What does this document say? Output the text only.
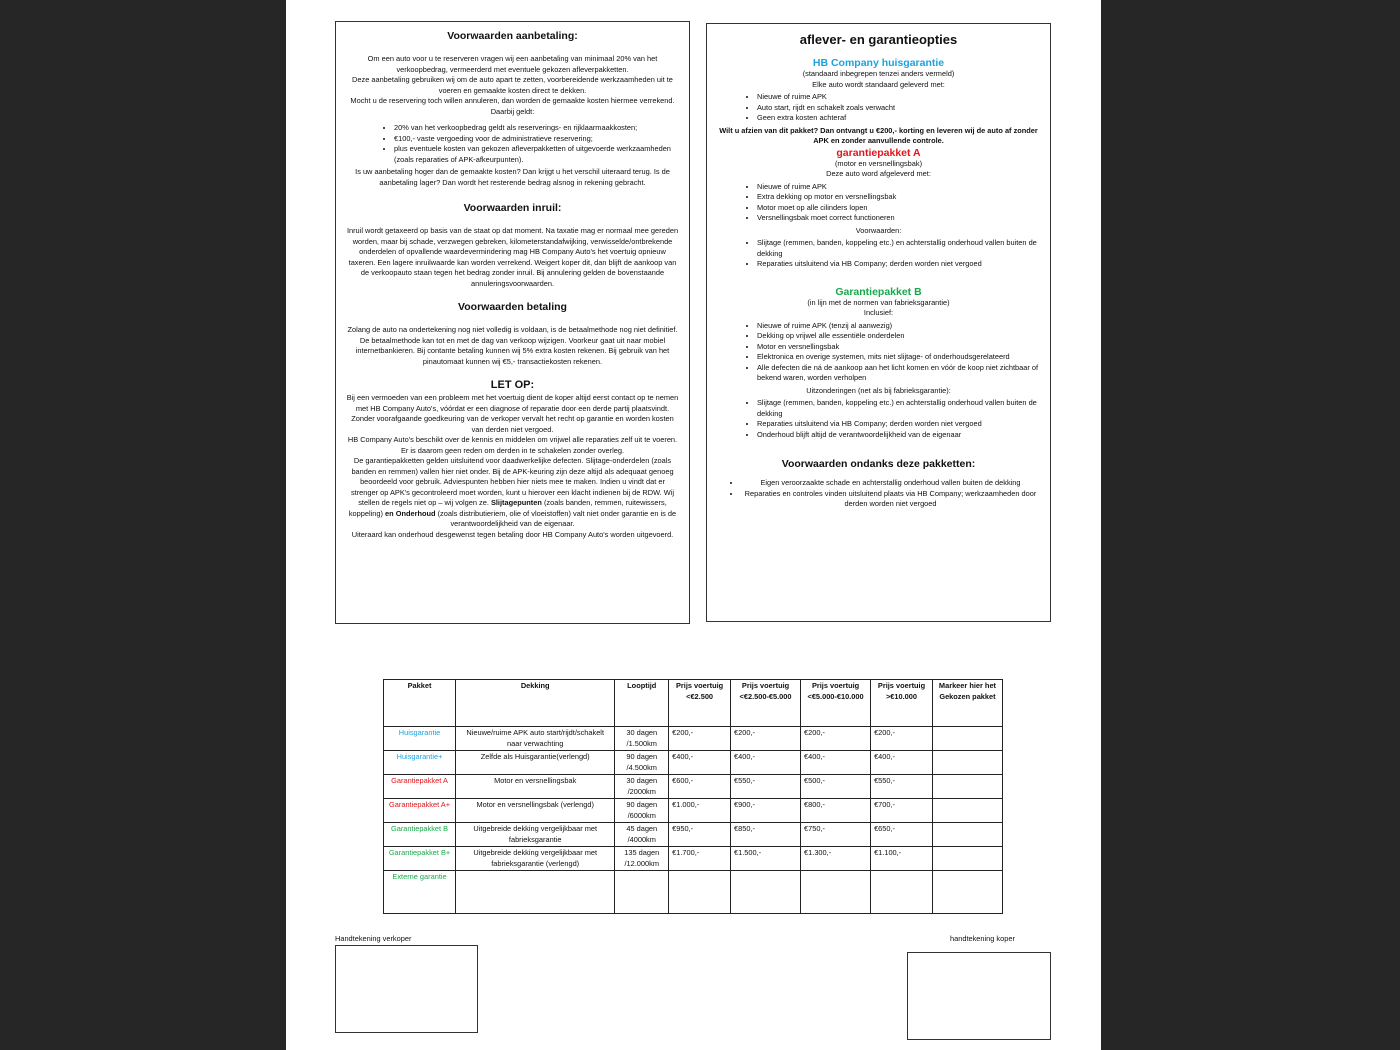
Voorwaarden aanbetaling:

Om een auto voor u te reserveren vragen wij een aanbetaling van minimaal 20% van het verkoopbedrag, vermeerderd met eventuele gekozen afleverpakketten.

Deze aanbetaling gebruiken wij om de auto apart te zetten, voorbereidende werkzaamheden uit te voeren en gemaakte kosten direct te dekken.

Mocht u de reservering toch willen annuleren, dan worden de gemaakte kosten hiermee verrekend. Daarbij geldt:

• 20% van het verkoopbedrag geldt als reserverings- en rijklaarmaakkosten;
• €100,- vaste vergoeding voor de administratieve reservering;
• plus eventuele kosten van gekozen afleverpakketten of uitgevoerde werkzaamheden (zoals reparaties of APK-afkeurpunten).

Is uw aanbetaling hoger dan de gemaakte kosten? Dan krijgt u het verschil uiteraard terug. Is de aanbetaling lager? Dan wordt het resterende bedrag alsnog in rekening gebracht.

Voorwaarden inruil:

Inruil wordt getaxeerd op basis van de staat op dat moment. Na taxatie mag er normaal mee gereden worden, maar bij schade, verzwegen gebreken, kilometerstandafwijking, verwisselde/ontbrekende onderdelen of opvallende waardevermindering mag HB Company Auto's het voertuig opnieuw taxeren. Een lagere inruilwaarde kan worden verrekend. Weigert koper dit, dan blijft de aankoop van de verkoopauto staan tegen het bedrag zonder inruil. Bij annulering gelden de bovenstaande annuleringsvoorwaarden.

Voorwaarden betaling

Zolang de auto na ondertekening nog niet volledig is voldaan, is de betaalmethode nog niet definitief. De betaalmethode kan tot en met de dag van verkoop wijzigen. Voorkeur gaat uit naar mobiel internetbankieren. Bij contante betaling kunnen wij 5% extra kosten rekenen. Bij gebruik van het pinautomaat kunnen wij €5,- transactiekosten rekenen.

LET OP:

Bij een vermoeden van een probleem met het voertuig dient de koper altijd eerst contact op te nemen met HB Company Auto's, vóórdat er een diagnose of reparatie door een derde partij plaatsvindt. Zonder voorafgaande goedkeuring van de verkoper vervalt het recht op garantie en worden kosten van derden niet vergoed.

HB Company Auto's beschikt over de kennis en middelen om vrijwel alle reparaties zelf uit te voeren. Er is daarom geen reden om derden in te schakelen zonder overleg.

De garantiepakketten gelden uitsluitend voor daadwerkelijke defecten. Slijtage-onderdelen (zoals banden en remmen) vallen hier niet onder. Bij de APK-keuring zijn deze altijd als adequaat genoeg beoordeeld voor gebruik. Adviespunten hebben hier niets mee te maken. Indien u vindt dat er strenger op APK's gecontroleerd moet worden, kunt u hierover een klacht indienen bij de RDW. Wij stellen de regels niet op – wij volgen ze. Slijtagepunten (zoals banden, remmen, ruitewissers, koppeling) en Onderhoud (zoals distributieriem, olie of vloeistoffen) valt niet onder garantie en is de verantwoordelijkheid van de eigenaar.

Uiteraard kan onderhoud desgewenst tegen betaling door HB Company Auto's worden uitgevoerd.

aflever- en garantieopties
HB Company huisgarantie

(standaard inbegrepen tenzei anders vermeld)

Elke auto wordt standaard geleverd met:

• Nieuwe of ruime APK
• Auto start, rijdt en schakelt zoals verwacht
• Geen extra kosten achteraf

Wilt u afzien van dit pakket? Dan ontvangt u €200,- korting en leveren wij de auto af zonder APK en zonder aanvullende controle.

garantiepakket A

(motor en versnellingsbak)

Deze auto word afgeleverd met:

• Nieuwe of ruime APK
• Extra dekking op motor en versnellingsbak
• Motor moet op alle cilinders lopen
• Versnellingsbak moet correct functioneren

Voorwaarden:

• Slijtage (remmen, banden, koppeling etc.) en achterstallig onderhoud vallen buiten de dekking
• Reparaties uitsluitend via HB Company; derden worden niet vergoed
Garantiepakket B

(in lijn met de normen van fabrieksgarantie)

Inclusief:

• Nieuwe of ruime APK (tenzij al aanwezig)
• Dekking op vrijwel alle essentiële onderdelen
• Motor en versnellingsbak
• Elektronica en overige systemen, mits niet slijtage- of onderhoudsgerelateerd
• Alle defecten die ná de aankoop aan het licht komen en vóór de koop niet zichtbaar of bekend waren, worden verholpen

Uitzonderingen (net als bij fabrieksgarantie):

• Slijtage (remmen, banden, koppeling etc.) en achterstallig onderhoud vallen buiten de dekking
• Reparaties uitsluitend via HB Company; derden worden niet vergoed
• Onderhoud blijft altijd de verantwoordelijkheid van de eigenaar
Voorwaarden ondanks deze pakketten:
• Eigen veroorzaakte schade en achterstallig onderhoud vallen buiten de dekking
• Reparaties en controles vinden uitsluitend plaats via HB Company; werkzaamheden door derden worden niet vergoed
Pakket	Dekking	Looptijd	Prijs voertuig <€2.500	Prijs voertuig <€2.500-€5.000	Prijs voertuig <€5.000-€10.000	Prijs voertuig >€10.000	Markeer hier het Gekozen pakket
Huisgarantie	Nieuwe/ruime APK auto start/rijdt/schakelt naar verwachting	30 dagen /1.500km	€200,-	€200,-	€200,-	€200,-	
Huisgarantie+	Zelfde als Huisgarantie(verlengd)	90 dagen /4.500km	€400,-	€400,-	€400,-	€400,-	
Garantiepakket A	Motor en versnellingsbak	30 dagen /2000km	€600,-	€550,-	€500,-	€550,-	
Garantiepakket A+	Motor en versnellingsbak (verlengd)	90 dagen /6000km	€1.000,-	€900,-	€800,-	€700,-	
Garantiepakket B	Uitgebreide dekking vergelijkbaar met fabrieksgarantie	45 dagen /4000km	€950,-	€850,-	€750,-	€650,-	
Garantiepakket B+	Uitgebreide dekking vergelijkbaar met fabrieksgarantie (verlengd)	135 dagen /12.000km	€1.700,-	€1.500,-	€1.300,-	€1.100,-	
Externe garantie							
Handtekening verkoper	handtekening koper
